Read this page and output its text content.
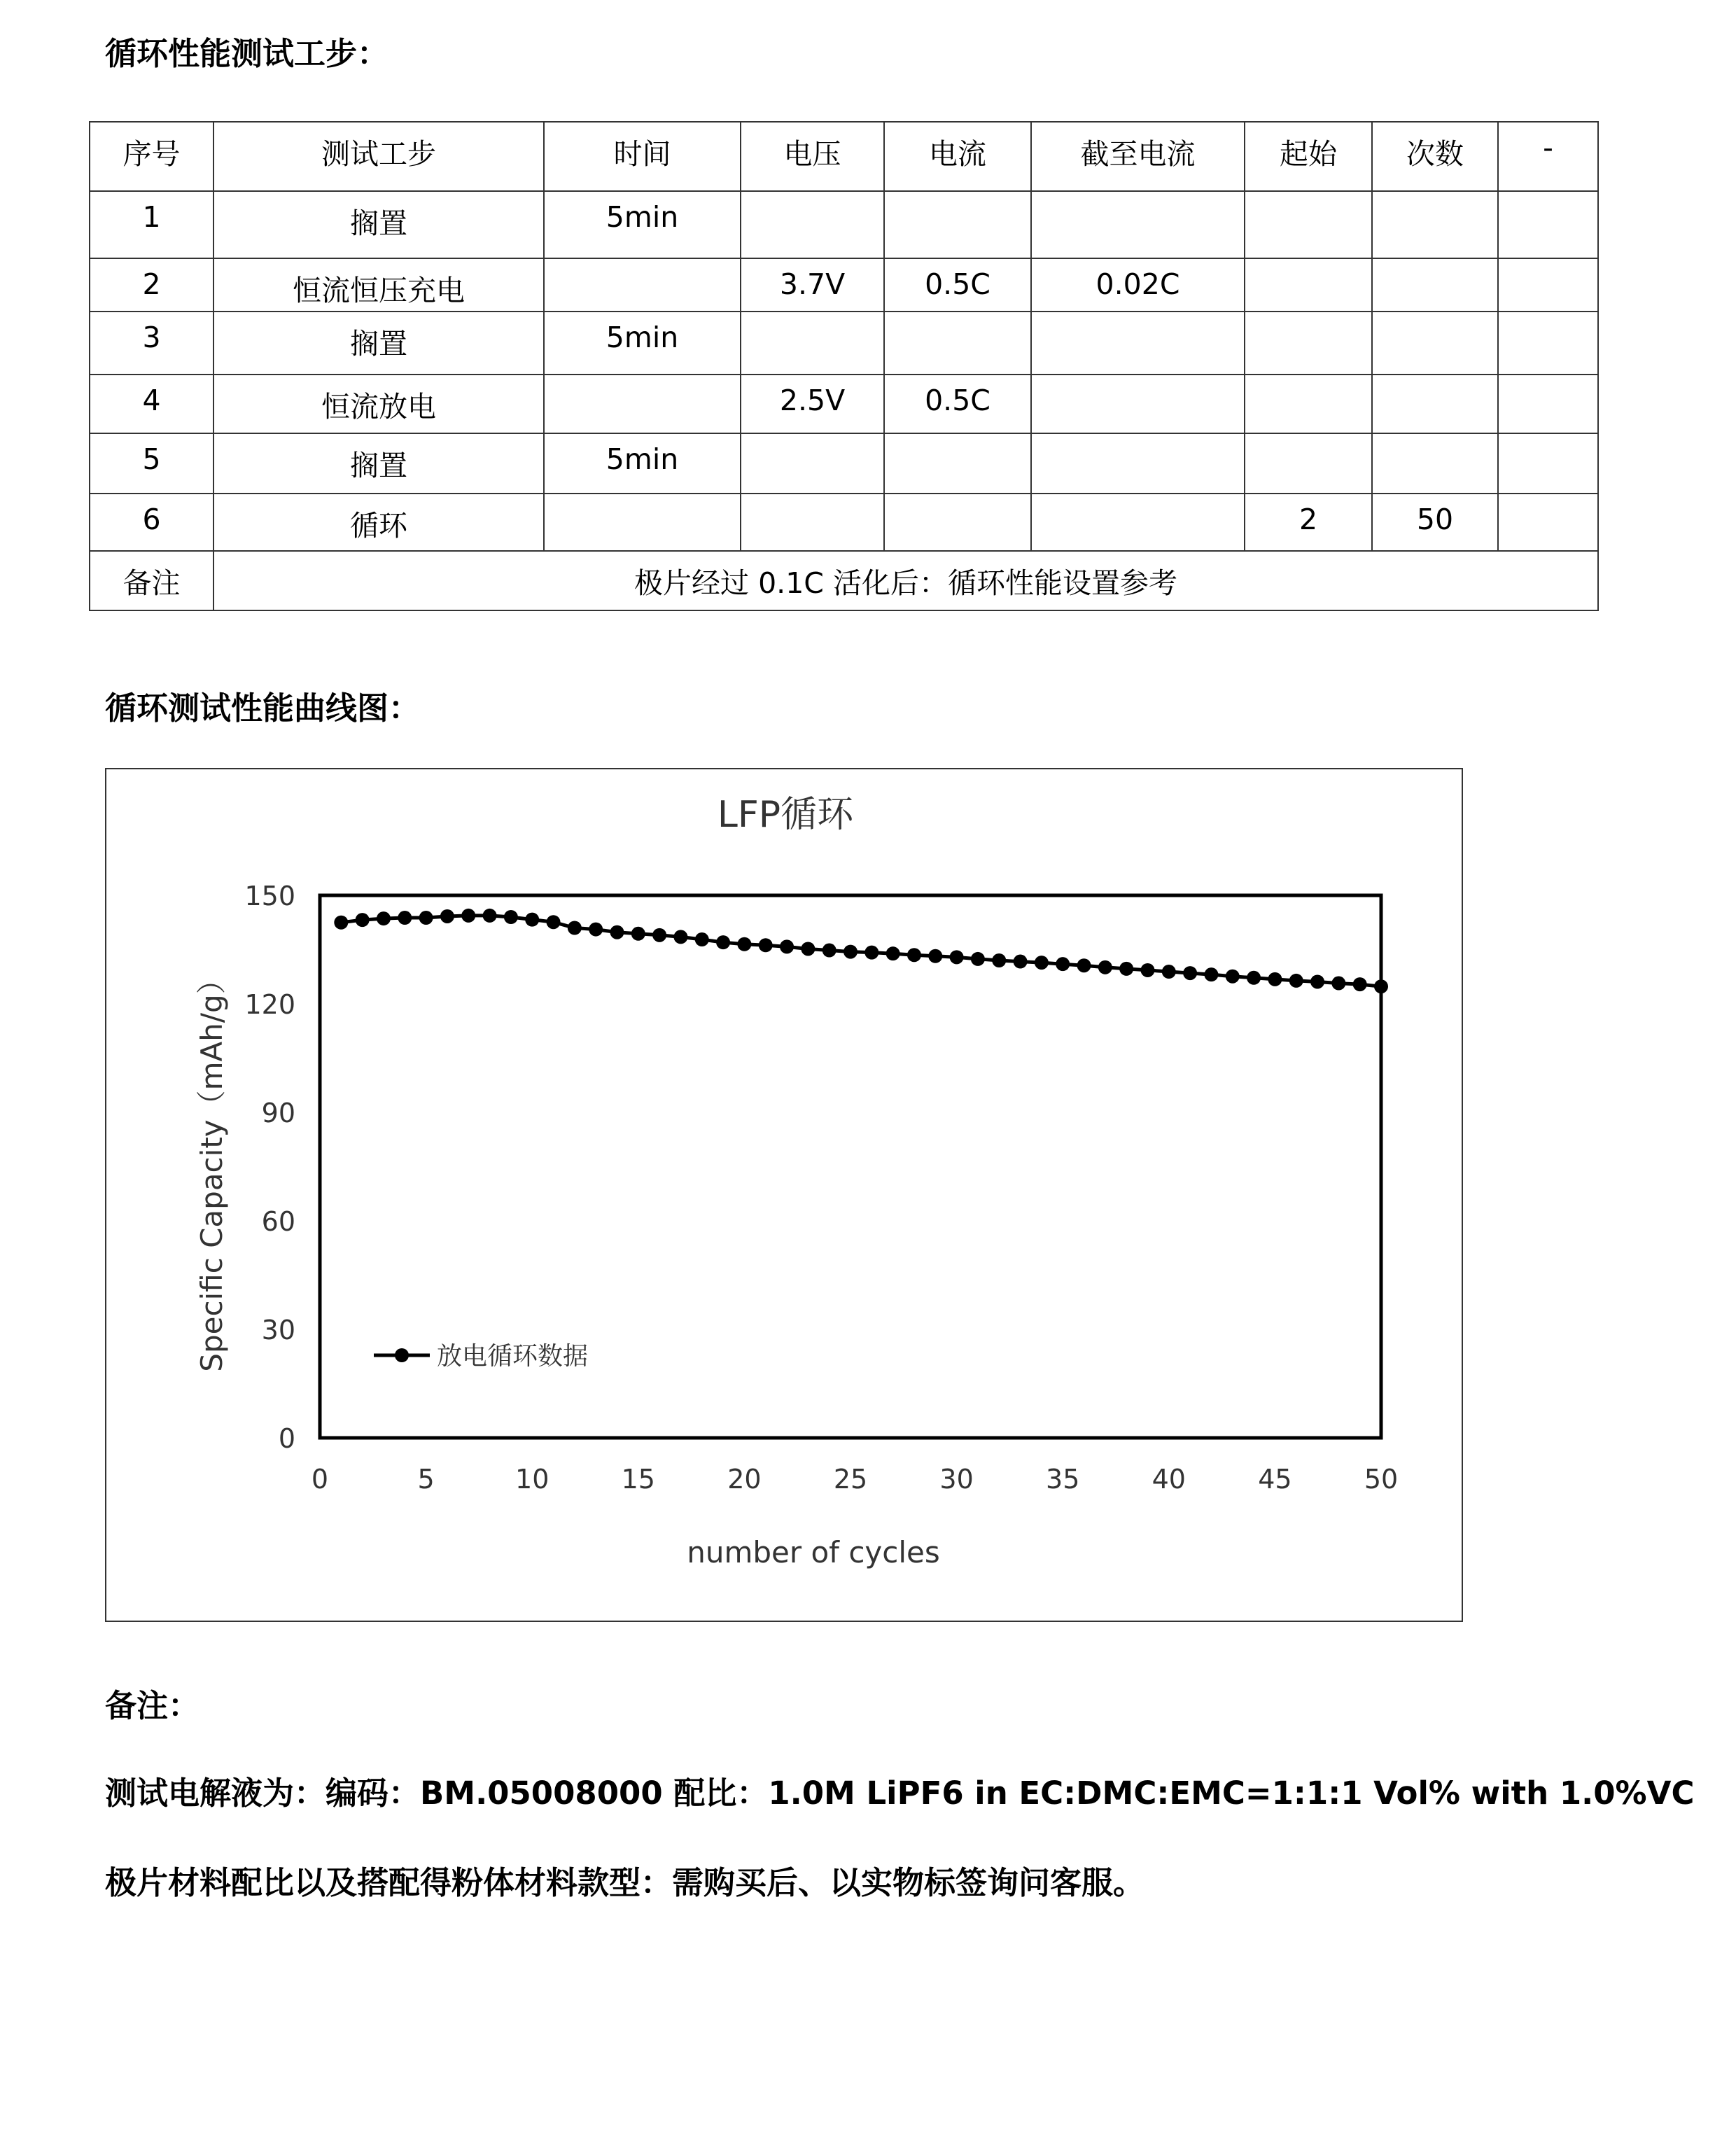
循环性能测试工步：
序号	测试工步	时间	电压	电流	截至电流	起始	次数	-
1	搁置	5min						
2	恒流恒压充电		3.7V	0.5C	0.02C			
3	搁置	5min						
4	恒流放电		2.5V	0.5C				
5	搁置	5min						
6	循环					2	50	
备注	极片经过 0.1C 活化后：循环性能设置参考							
循环测试性能曲线图：
LFP循环
0
30
60
90
120
150
0	5	10	15	20	25	30	35	40	45	50
number of cycles
Specific Capacity（mAh/g）	放电循环数据
备注：
测试电解液为：编码：BM.05008000 配比：1.0M LiPF6 in EC:DMC:EMC=1:1:1 Vol% with 1.0%VC
极片材料配比以及搭配得粉体材料款型：需购买后、以实物标签询问客服。
